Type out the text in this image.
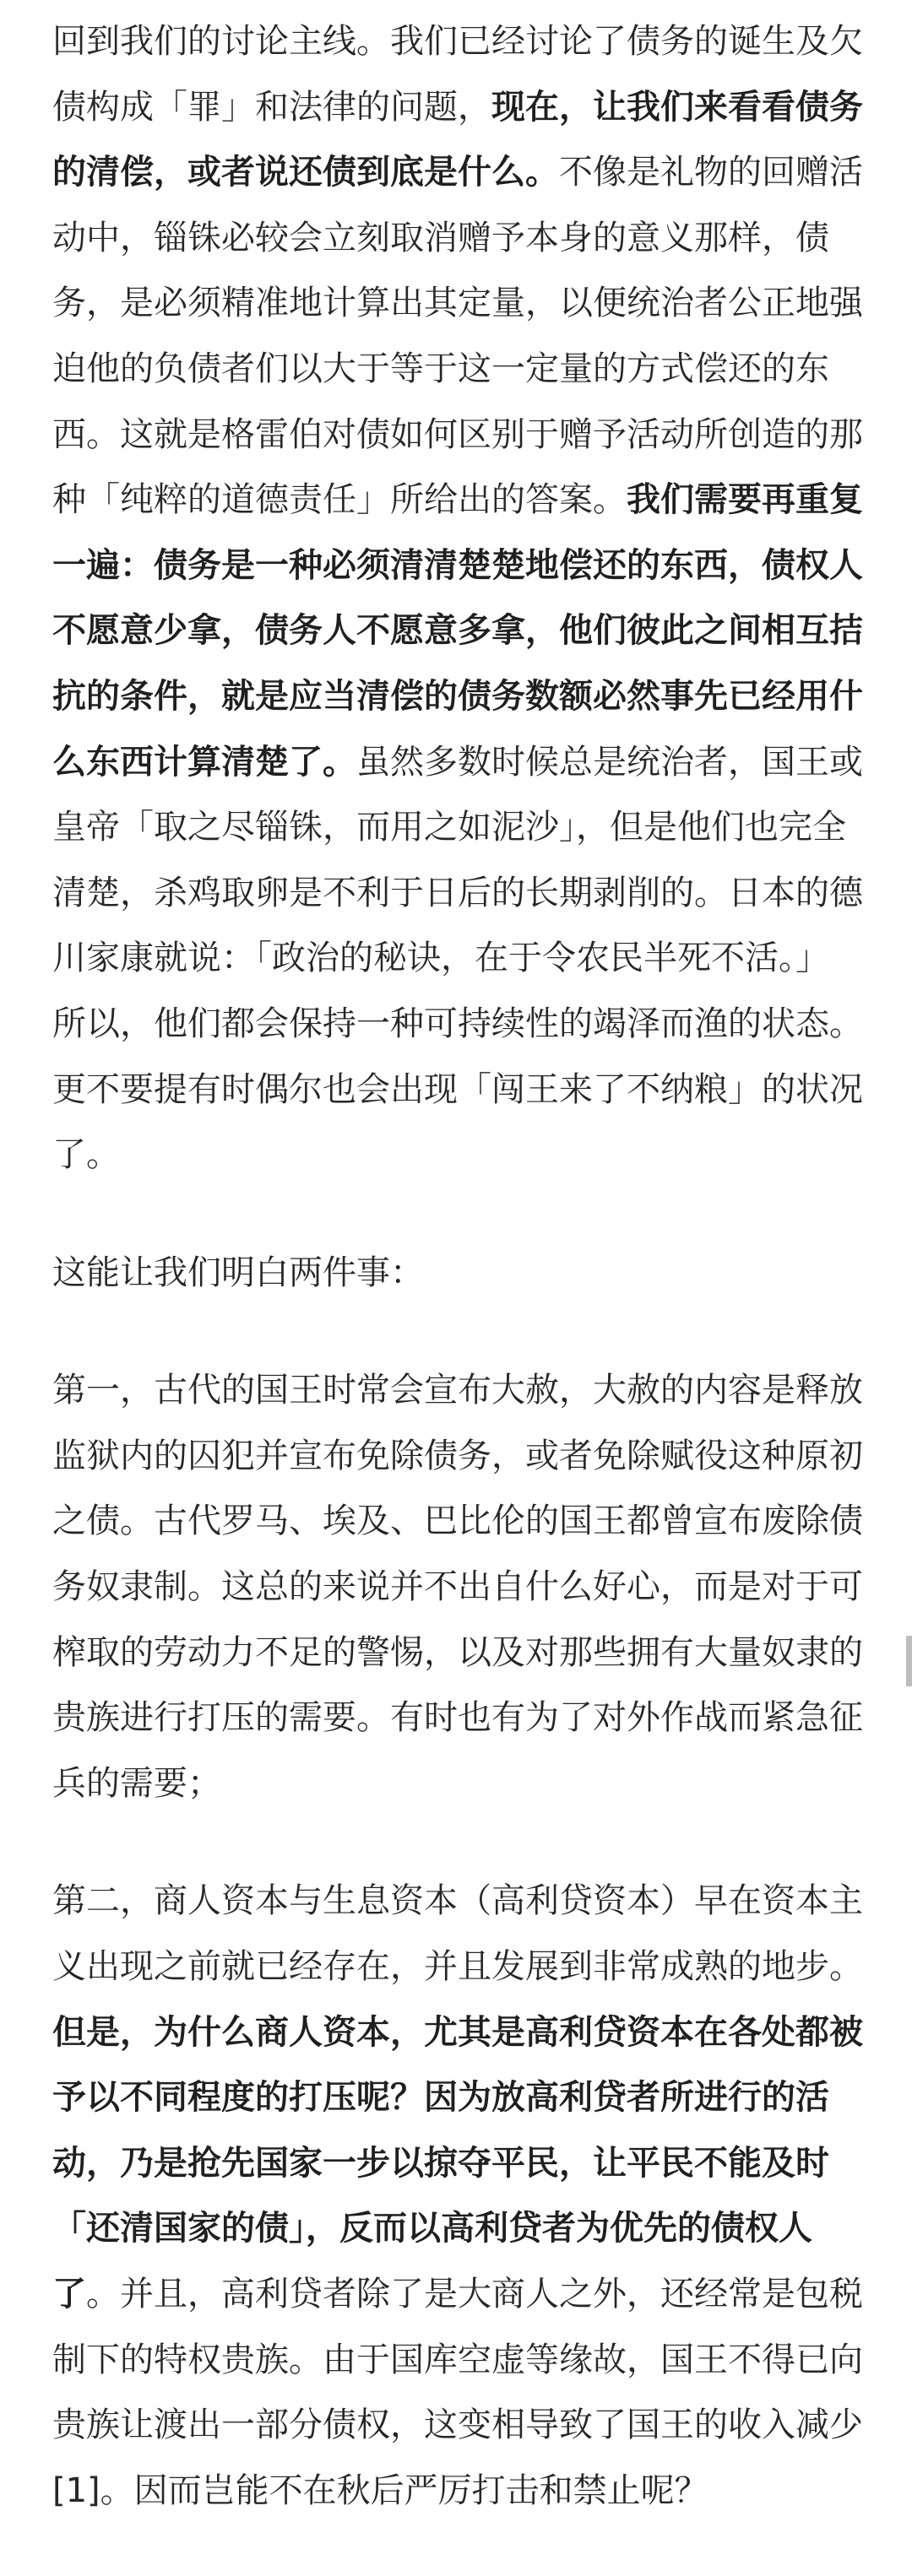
回到我们的讨论主线。我们已经讨论了债务的诞生及欠
债构成「罪」和法律的问题，现在，让我们来看看债务
的清偿，或者说还债到底是什么。不像是礼物的回赠活
动中，锱铢必较会立刻取消赠予本身的意义那样，债
务，是必须精准地计算出其定量，以便统治者公正地强
迫他的负债者们以大于等于这一定量的方式偿还的东
西。这就是格雷伯对债如何区别于赠予活动所创造的那
种「纯粹的道德责任」所给出的答案。我们需要再重复
一遍：债务是一种必须清清楚楚地偿还的东西，债权人
不愿意少拿，债务人不愿意多拿，他们彼此之间相互拮
抗的条件，就是应当清偿的债务数额必然事先已经用什
么东西计算清楚了。虽然多数时候总是统治者，国王或
皇帝「取之尽锱铢，而用之如泥沙」，但是他们也完全
清楚，杀鸡取卵是不利于日后的长期剥削的。日本的德
川家康就说：「政治的秘诀，在于令农民半死不活。」
所以，他们都会保持一种可持续性的竭泽而渔的状态。
更不要提有时偶尔也会出现「闯王来了不纳粮」的状况
了。

这能让我们明白两件事：

第一，古代的国王时常会宣布大赦，大赦的内容是释放
监狱内的囚犯并宣布免除债务，或者免除赋役这种原初
之债。古代罗马、埃及、巴比伦的国王都曾宣布废除债
务奴隶制。这总的来说并不出自什么好心，而是对于可
榨取的劳动力不足的警惕，以及对那些拥有大量奴隶的
贵族进行打压的需要。有时也有为了对外作战而紧急征
兵的需要；

第二，商人资本与生息资本（高利贷资本）早在资本主
义出现之前就已经存在，并且发展到非常成熟的地步。
但是，为什么商人资本，尤其是高利贷资本在各处都被
予以不同程度的打压呢？因为放高利贷者所进行的活
动，乃是抢先国家一步以掠夺平民，让平民不能及时
「还清国家的债」，反而以高利贷者为优先的债权人
了。并且，高利贷者除了是大商人之外，还经常是包税
制下的特权贵族。由于国库空虚等缘故，国王不得已向
贵族让渡出一部分债权，这变相导致了国王的收入减少
[1]。因而岂能不在秋后严厉打击和禁止呢？
